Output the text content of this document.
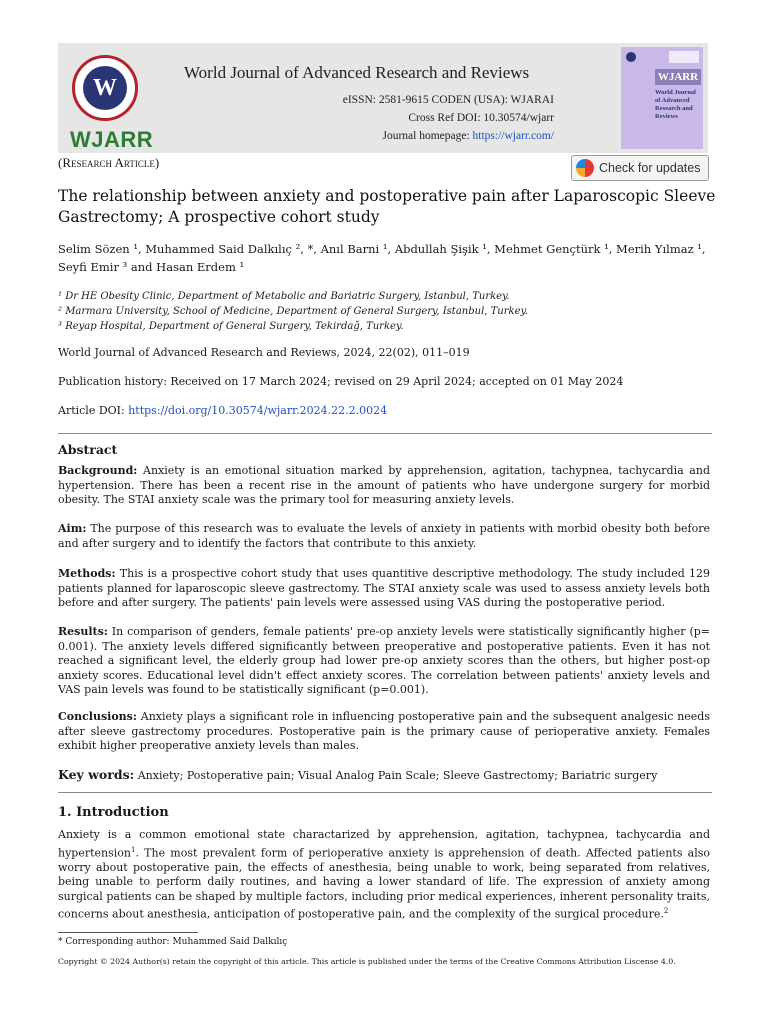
W
WJARR
World Journal of Advanced Research and Reviews
eISSN: 2581-9615 CODEN (USA): WJARAI
Cross Ref DOI: 10.30574/wjarr
Journal homepage: https://wjarr.com/
WJARR
World Journal of Advanced Research and Reviews
(Research Article)	Check for updates
The relationship between anxiety and postoperative pain after Laparoscopic Sleeve Gastrectomy; A prospective cohort study
Selim Sözen ¹, Muhammed Said Dalkılıç ², *, Anıl Barni ¹, Abdullah Şişik ¹, Mehmet Gençtürk ¹, Merih Yılmaz ¹,
Seyfi Emir ³ and Hasan Erdem ¹
¹ Dr HE Obesity Clinic, Department of Metabolic and Bariatric Surgery, Istanbul, Turkey.
² Marmara University, School of Medicine, Department of General Surgery, Istanbul, Turkey.
³ Reyap Hospital, Department of General Surgery, Tekirdağ, Turkey.
World Journal of Advanced Research and Reviews, 2024, 22(02), 011–019
Publication history: Received on 17 March 2024; revised on 29 April 2024; accepted on 01 May 2024
Article DOI: https://doi.org/10.30574/wjarr.2024.22.2.0024
Abstract
Background: Anxiety is an emotional situation marked by apprehension, agitation, tachypnea, tachycardia and hypertension. There has been a recent rise in the amount of patients who have undergone surgery for morbid obesity. The STAI anxiety scale was the primary tool for measuring anxiety levels.
Aim: The purpose of this research was to evaluate the levels of anxiety in patients with morbid obesity both before and after surgery and to identify the factors that contribute to this anxiety.
Methods: This is a prospective cohort study that uses quantitive descriptive methodology. The study included 129 patients planned for laparoscopic sleeve gastrectomy. The STAI anxiety scale was used to assess anxiety levels both before and after surgery. The patients' pain levels were assessed using VAS during the postoperative period.
Results: In comparison of genders, female patients' pre-op anxiety levels were statistically significantly higher (p= 0.001). The anxiety levels differed significantly between preoperative and postoperative patients. Even it has not reached a significant level, the elderly group had lower pre-op anxiety scores than the others, but higher post-op anxiety scores. Educational level didn't effect anxiety scores. The correlation between patients' anxiety levels and VAS pain levels was found to be statistically significant (p=0.001).
Conclusions: Anxiety plays a significant role in influencing postoperative pain and the subsequent analgesic needs after sleeve gastrectomy procedures. Postoperative pain is the primary cause of perioperative anxiety. Females exhibit higher preoperative anxiety levels than males.
Key words: Anxiety; Postoperative pain; Visual Analog Pain Scale; Sleeve Gastrectomy; Bariatric surgery
1. Introduction
Anxiety is a common emotional state charactarized by apprehension, agitation, tachypnea, tachycardia and hypertension$^1$. The most prevalent form of perioperative anxiety is apprehension of death. Affected patients also worry about postoperative pain, the effects of anesthesia, being unable to work, being separated from relatives, being unable to perform daily routines, and having a lower standard of life. The expression of anxiety among surgical patients can be shaped by multiple factors, including prior medical experiences, inherent personality traits, concerns about anesthesia, anticipation of postoperative pain, and the complexity of the surgical procedure.$^2$
* Corresponding author: Muhammed Said Dalkılıç
Copyright © 2024 Author(s) retain the copyright of this article. This article is published under the terms of the Creative Commons Attribution Liscense 4.0.
